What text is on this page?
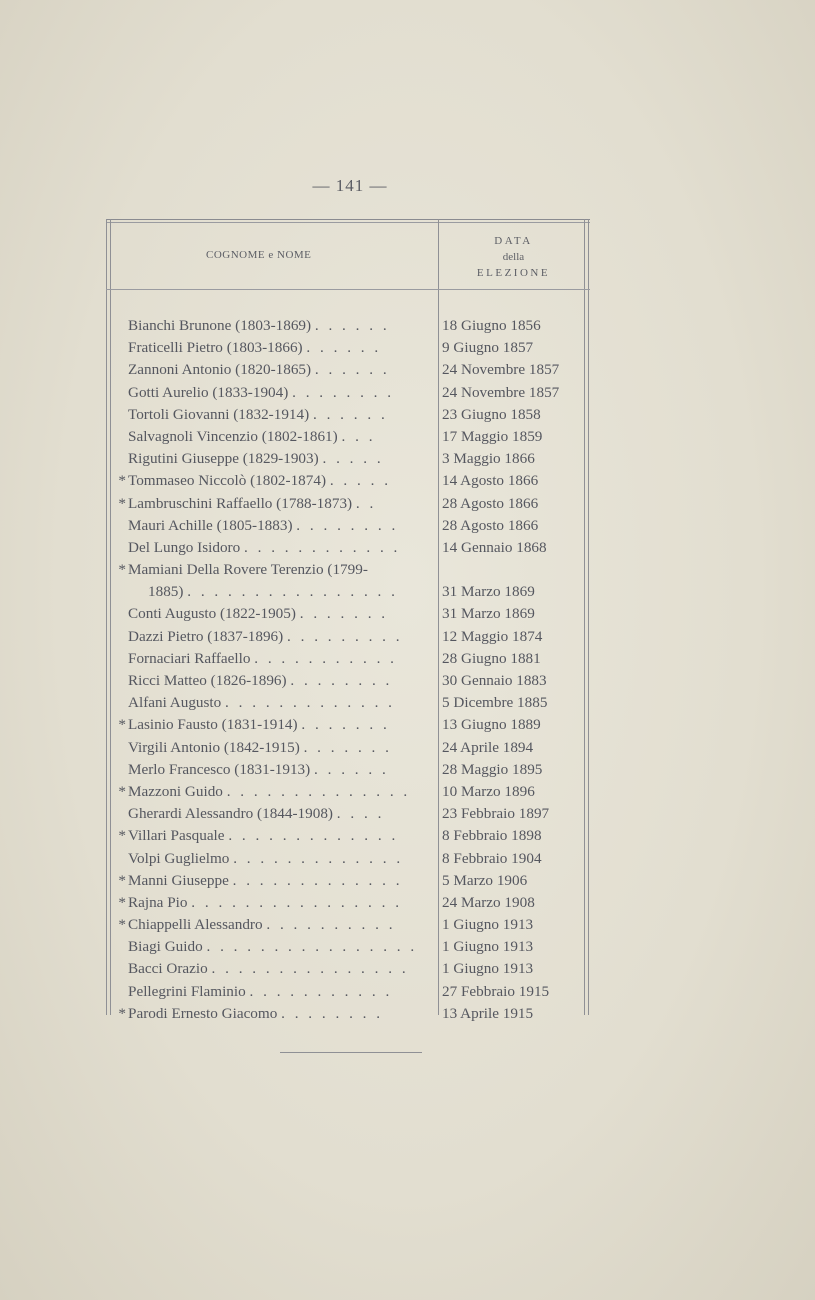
— 141 —
COGNOME e NOME
DATA
della
ELEZIONE
Bianchi Brunone (1803-1869) . . . . . .	18 Giugno 1856
Fraticelli Pietro (1803-1866) . . . . . .	9 Giugno 1857
Zannoni Antonio (1820-1865) . . . . . .	24 Novembre 1857
Gotti Aurelio (1833-1904) . . . . . . . .	24 Novembre 1857
Tortoli Giovanni (1832-1914) . . . . . .	23 Giugno 1858
Salvagnoli Vincenzio (1802-1861) . . .	17 Maggio 1859
Rigutini Giuseppe (1829-1903) . . . . .	3 Maggio 1866
* Tommaseo Niccolò (1802-1874) . . . . .	14 Agosto 1866
* Lambruschini Raffaello (1788-1873) . .	28 Agosto 1866
Mauri Achille (1805-1883) . . . . . . . .	28 Agosto 1866
Del Lungo Isidoro . . . . . . . . . . . .	14 Gennaio 1868
* Mamiani Della Rovere Terenzio (1799-
1885) . . . . . . . . . . . . . . . .	31 Marzo 1869
Conti Augusto (1822-1905) . . . . . . .	31 Marzo 1869
Dazzi Pietro (1837-1896) . . . . . . . . .	12 Maggio 1874
Fornaciari Raffaello . . . . . . . . . . .	28 Giugno 1881
Ricci Matteo (1826-1896) . . . . . . . .	30 Gennaio 1883
Alfani Augusto . . . . . . . . . . . . .	5 Dicembre 1885
* Lasinio Fausto (1831-1914) . . . . . . .	13 Giugno 1889
Virgili Antonio (1842-1915) . . . . . . .	24 Aprile 1894
Merlo Francesco (1831-1913) . . . . . .	28 Maggio 1895
* Mazzoni Guido . . . . . . . . . . . . . .	10 Marzo 1896
Gherardi Alessandro (1844-1908) . . . .	23 Febbraio 1897
* Villari Pasquale . . . . . . . . . . . . .	8 Febbraio 1898
Volpi Guglielmo . . . . . . . . . . . . .	8 Febbraio 1904
* Manni Giuseppe . . . . . . . . . . . . .	5 Marzo 1906
* Rajna Pio . . . . . . . . . . . . . . . .	24 Marzo 1908
* Chiappelli Alessandro . . . . . . . . . .	1 Giugno 1913
Biagi Guido . . . . . . . . . . . . . . . .	1 Giugno 1913
Bacci Orazio . . . . . . . . . . . . . . .	1 Giugno 1913
Pellegrini Flaminio . . . . . . . . . . .	27 Febbraio 1915
* Parodi Ernesto Giacomo . . . . . . . .	13 Aprile 1915
